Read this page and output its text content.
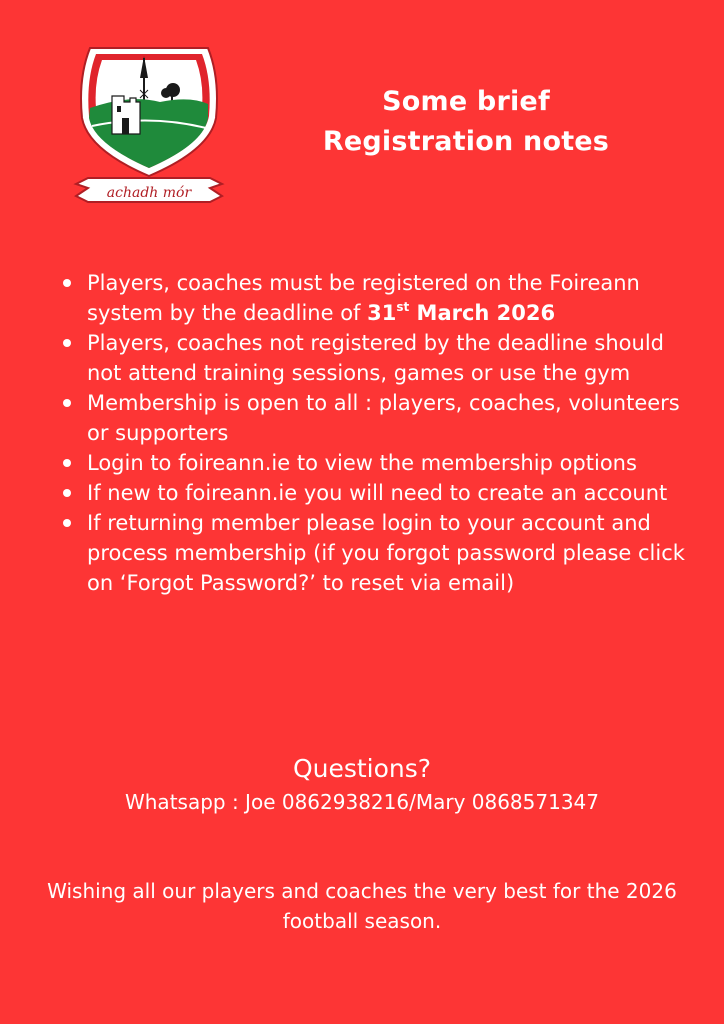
achadh mór
Some brief
Registration notes
Players, coaches must be registered on the Foireann system by the deadline of 31st March 2026
Players, coaches not registered by the deadline should not attend training sessions, games or use the gym
Membership is open to all : players, coaches, volunteers or supporters
Login to foireann.ie to view the membership options
If new to foireann.ie you will need to create an account
If returning member please login to your account and process membership (if you forgot password please click on ‘Forgot Password?’ to reset via email)
Questions?
Whatsapp : Joe 0862938216/Mary 0868571347
Wishing all our players and coaches the very best for the 2026 football season.
